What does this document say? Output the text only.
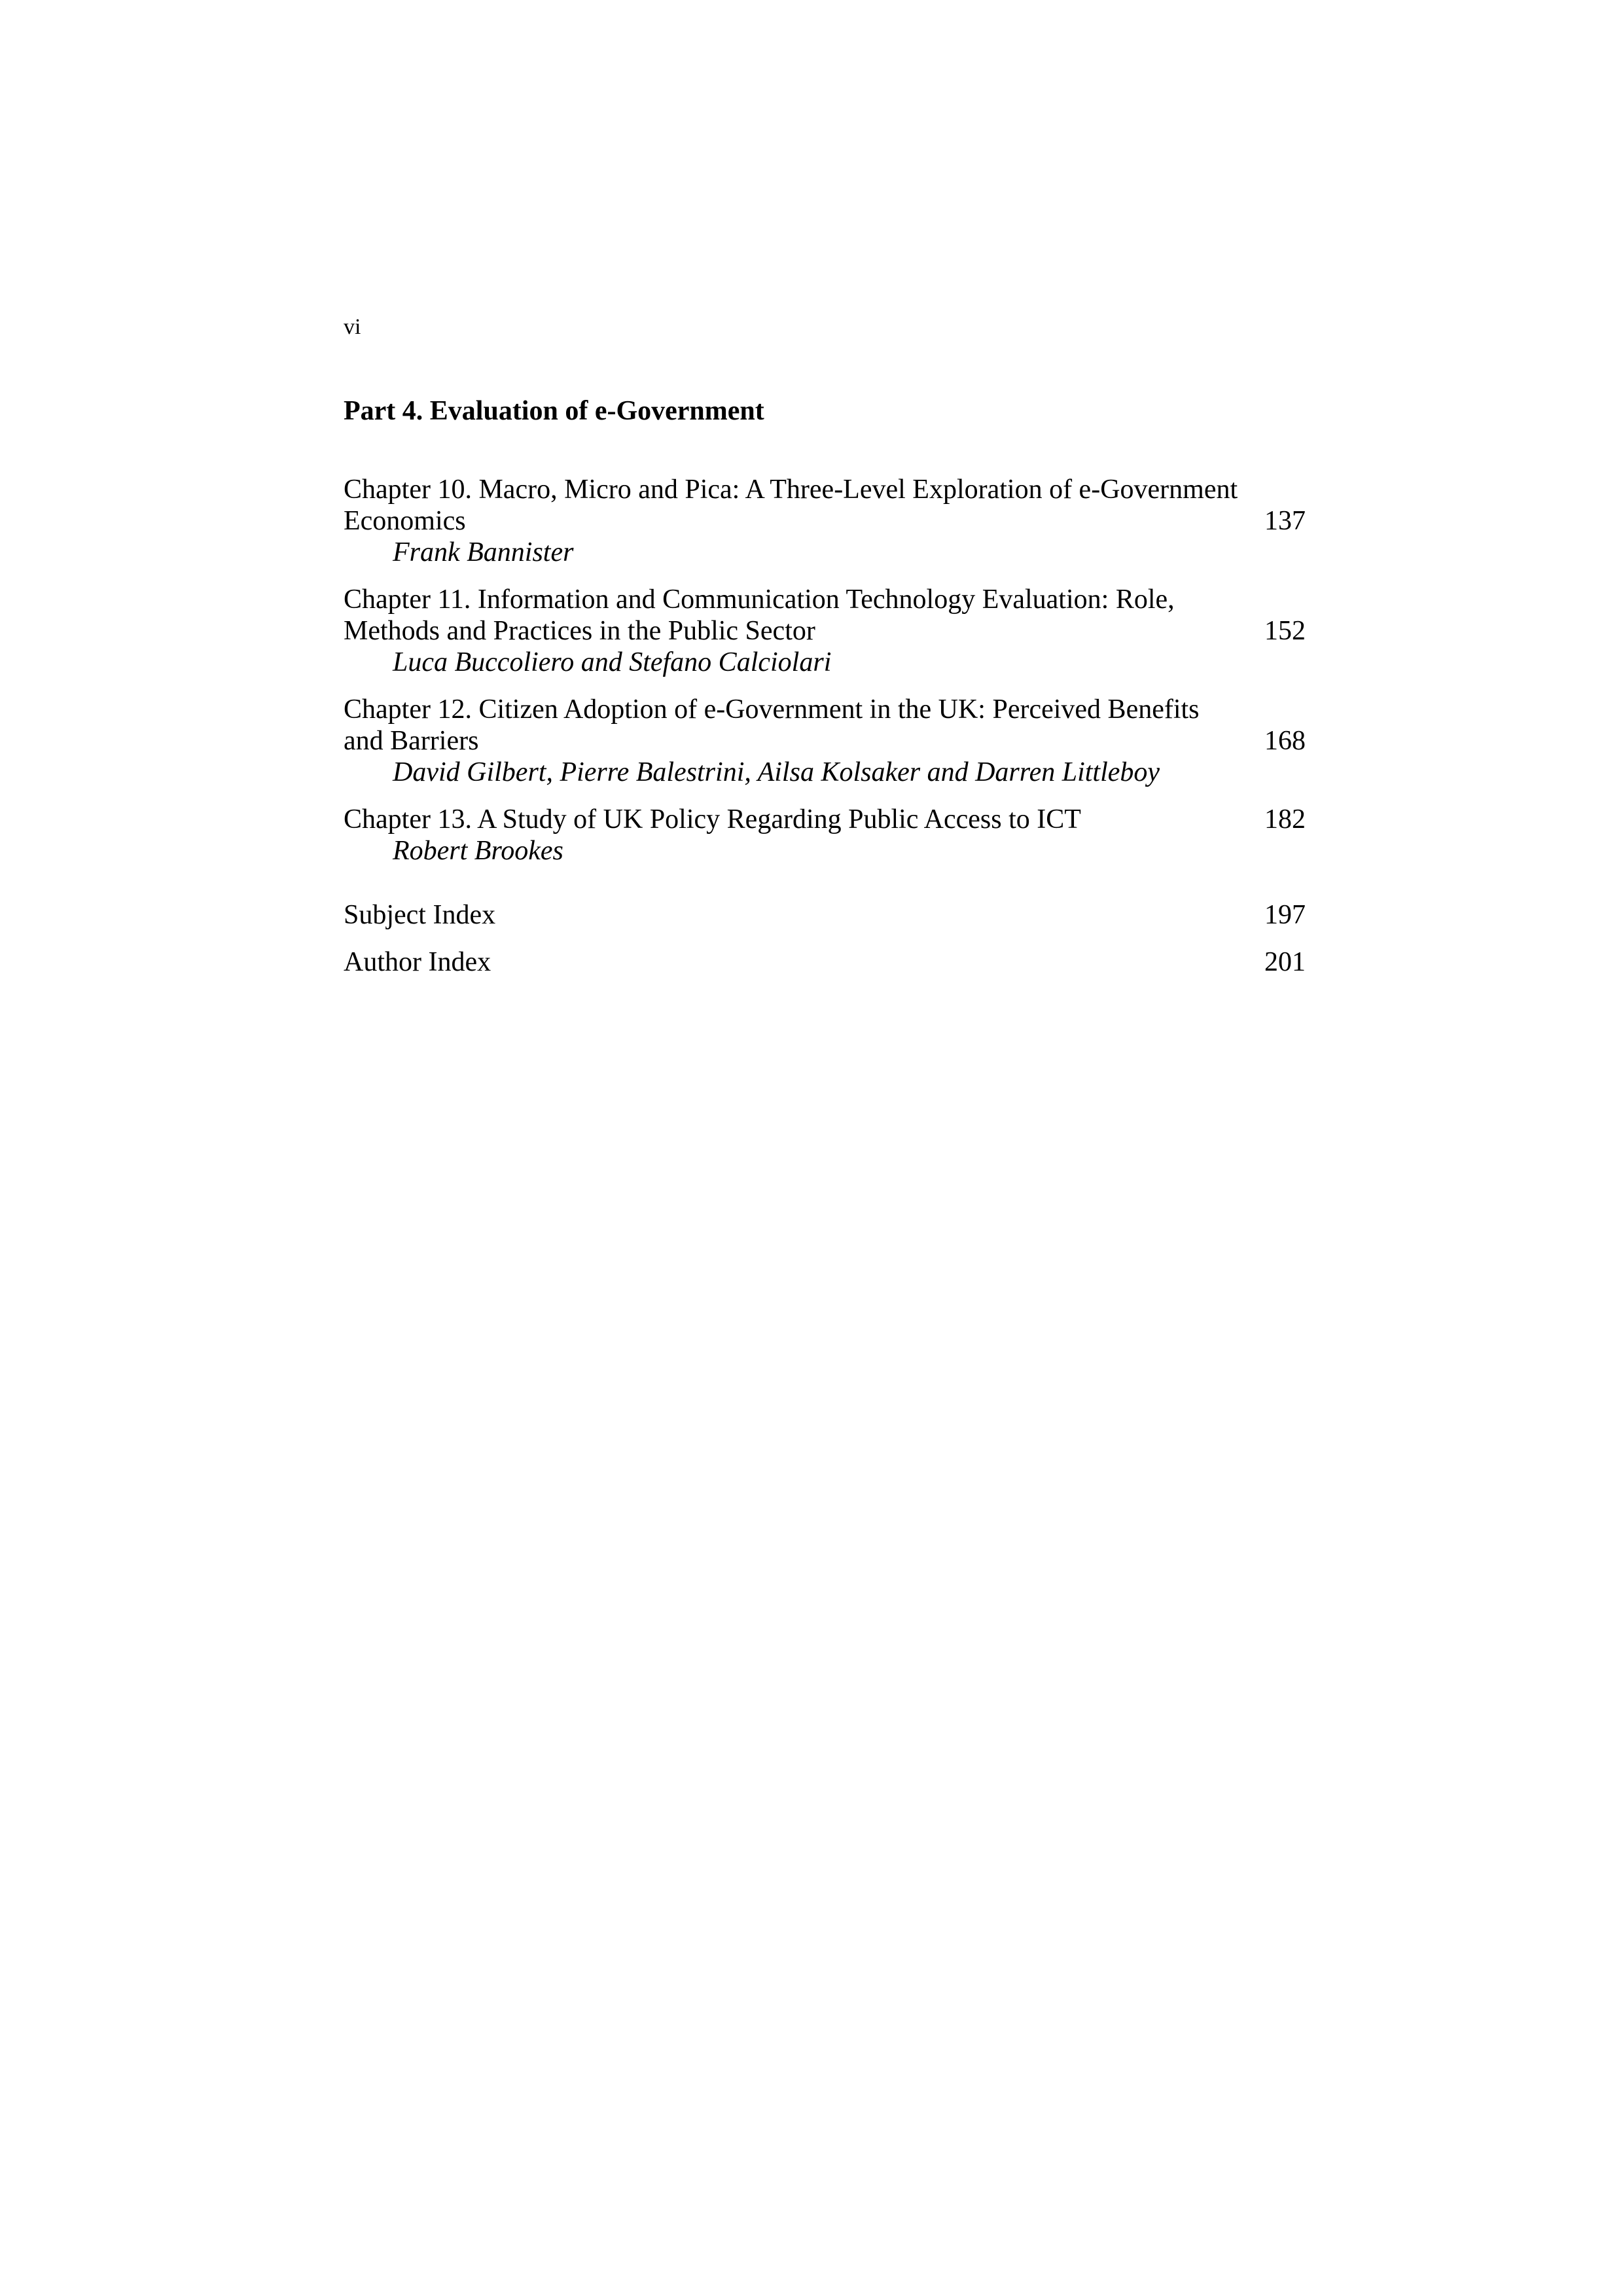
vi
Part 4. Evaluation of e-Government
Chapter 10. Macro, Micro and Pica: A Three-Level Exploration of e-Government
Economics
Frank Bannister
137
Chapter 11. Information and Communication Technology Evaluation: Role,
Methods and Practices in the Public Sector
Luca Buccoliero and Stefano Calciolari
152
Chapter 12. Citizen Adoption of e-Government in the UK: Perceived Benefits
and Barriers
David Gilbert, Pierre Balestrini, Ailsa Kolsaker and Darren Littleboy
168
Chapter 13. A Study of UK Policy Regarding Public Access to ICT
Robert Brookes
182
Subject Index	197
Author Index	201
